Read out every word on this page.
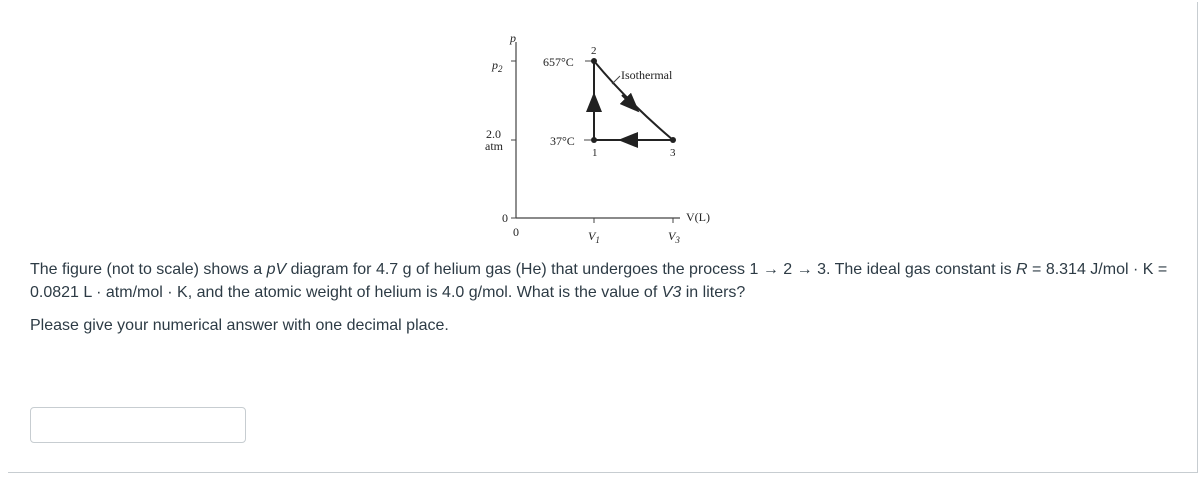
p
V(L)
$p_2$
2.0
atm
0
0	$V_1$	$V_3$
657°C
37°C
2
1	3
Isothermal

The figure (not to scale) shows a pV diagram for 4.7 g of helium gas (He) that undergoes the process 1 → 2 → 3. The ideal gas constant is R = 8.314 J/mol · K = 0.0821 L · atm/mol · K, and the atomic weight of helium is 4.0 g/mol. What is the value of V3 in liters?

Please give your numerical answer with one decimal place.
